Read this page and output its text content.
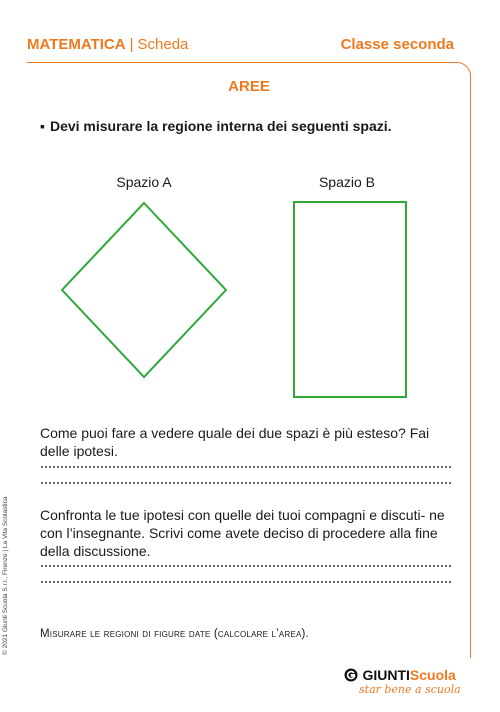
MATEMATICA | Scheda	Classe seconda
© 2021 Giunti Scuola S.r.l., Firenze | La Vita Scolastica
AREE
▪ Devi misurare la regione interna dei seguenti spazi.
Spazio A	Spazio B
Come puoi fare a vedere quale dei due spazi è più esteso? Fai delle ipotesi.
Confronta le tue ipotesi con quelle dei tuoi compagni e discuti- ne con l’insegnante. Scrivi come avete deciso di procedere alla fine della discussione.
Misurare le regioni di figure date (calcolare l’area).
GIUNTIScuola
star bene a scuola
